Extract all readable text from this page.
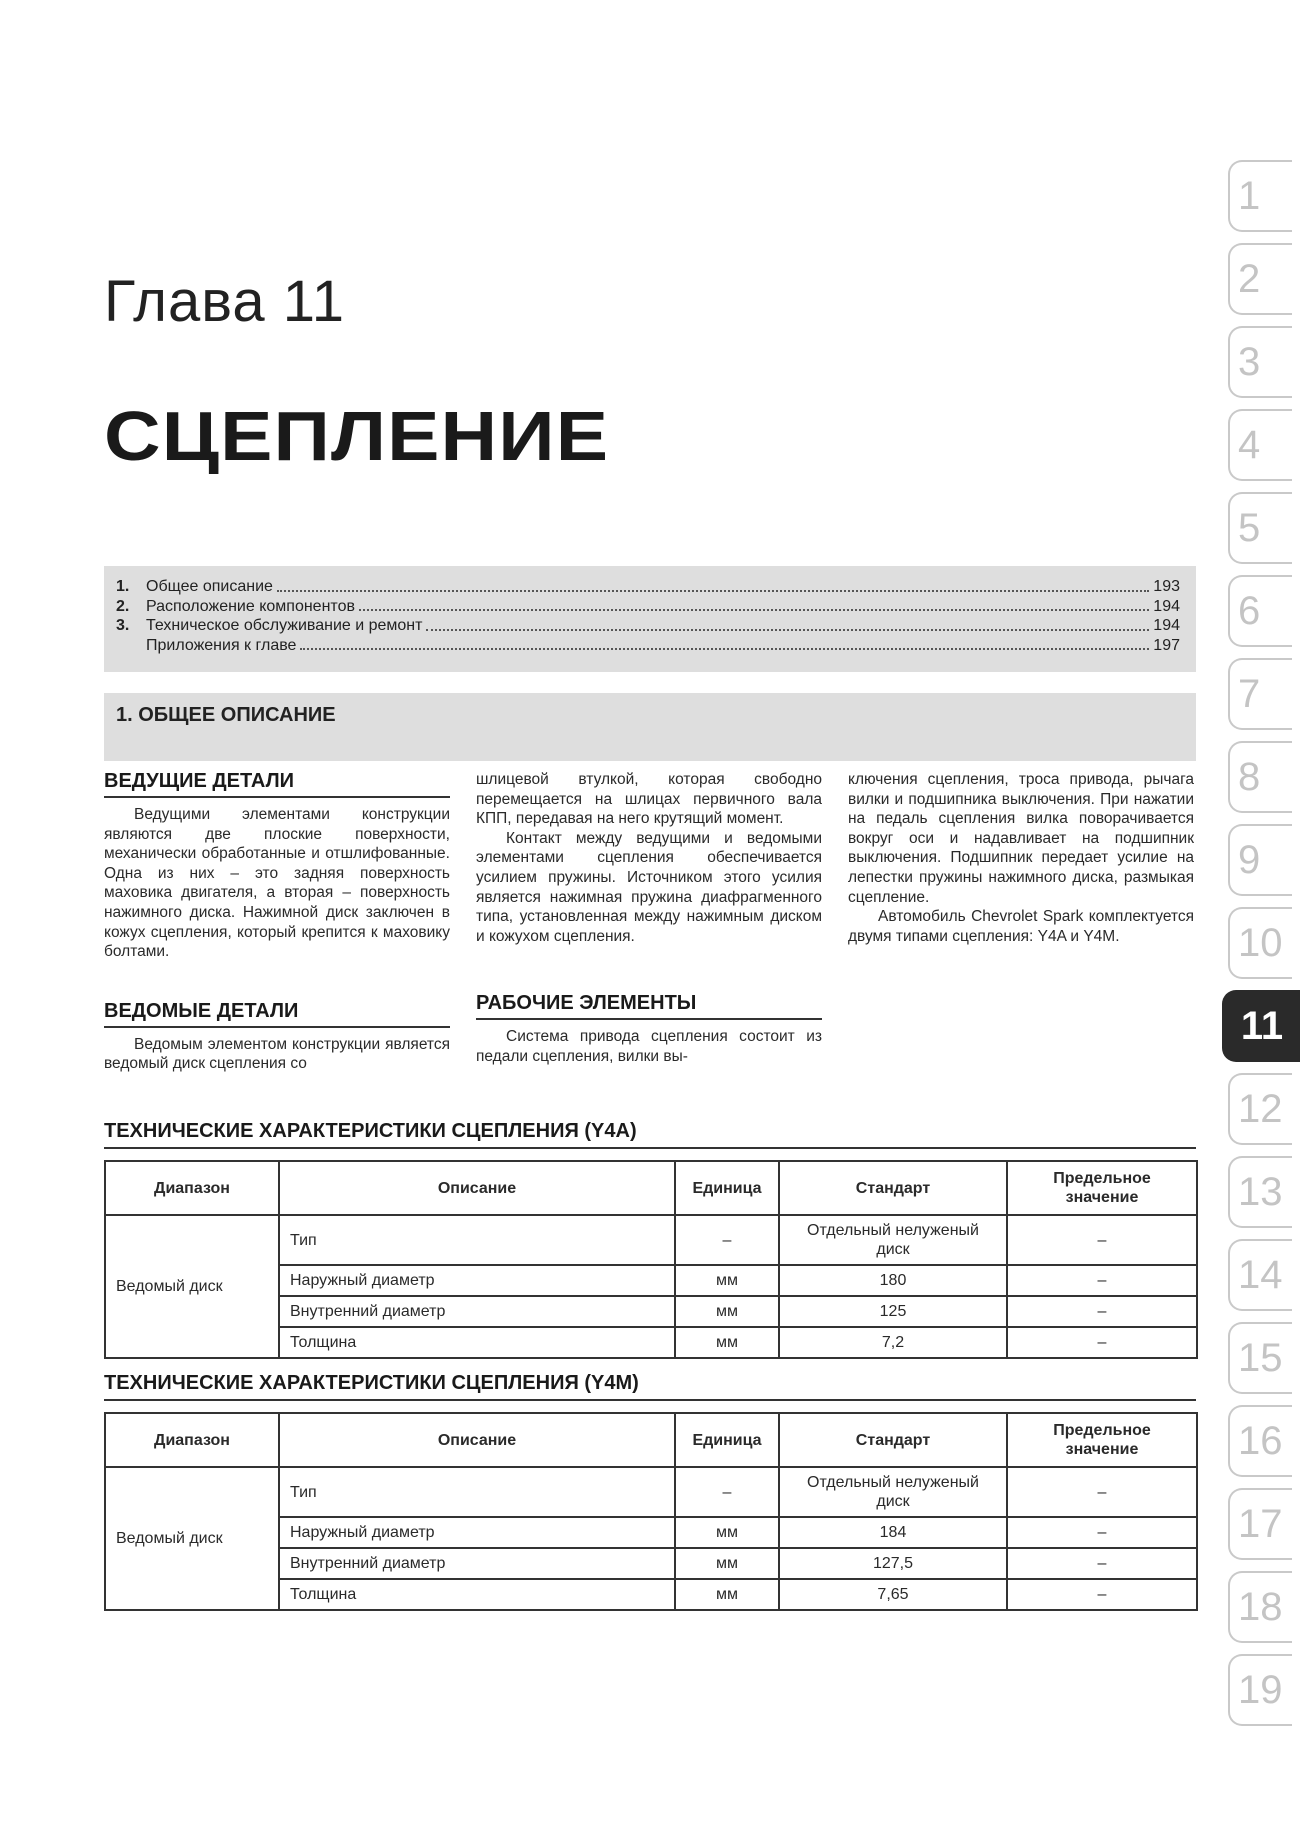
Глава 11
СЦЕПЛЕНИЕ
1.	Общее описание	193
2.	Расположение компонентов	194
3.	Техническое обслуживание и ремонт	194
Приложения к главе	197
1. ОБЩЕЕ ОПИСАНИЕ
ВЕДУЩИЕ ДЕТАЛИ

Ведущими элементами конструкции являются две плоские поверхности, механически обработанные и отшлифованные. Одна из них – это задняя поверхность маховика двигателя, а вторая – поверхность нажимного диска. Нажимной диск заключен в кожух сцепления, который крепится к маховику болтами.

ВЕДОМЫЕ ДЕТАЛИ

Ведомым элементом конструкции является ведомый диск сцепления со

шлицевой втулкой, которая свободно перемещается на шлицах первичного вала КПП, передавая на него крутящий момент.

Контакт между ведущими и ведомыми элементами сцепления обеспечивается усилием пружины. Источником этого усилия является нажимная пружина диафрагменного типа, установленная между нажимным диском и кожухом сцепления.

РАБОЧИЕ ЭЛЕМЕНТЫ

Система привода сцепления состоит из педали сцепления, вилки вы-

ключения сцепления, троса привода, рычага вилки и подшипника выключения. При нажатии на педаль сцепления вилка поворачивается вокруг оси и надавливает на подшипник выключения. Подшипник передает усилие на лепестки пружины нажимного диска, размыкая сцепление.

Автомобиль Chevrolet Spark комплектуется двумя типами сцепления: Y4A и Y4M.

ТЕХНИЧЕСКИЕ ХАРАКТЕРИСТИКИ СЦЕПЛЕНИЯ (Y4A)
Диапазон	Описание	Единица	Стандарт	Предельное значение
Ведомый диск	Тип	–	Отдельный нелуженый диск	–
	Наружный диаметр	мм	180	–
	Внутренний диаметр	мм	125	–
	Толщина	мм	7,2	–
ТЕХНИЧЕСКИЕ ХАРАКТЕРИСТИКИ СЦЕПЛЕНИЯ (Y4M)
Диапазон	Описание	Единица	Стандарт	Предельное значение
Ведомый диск	Тип	–	Отдельный нелуженый диск	–
	Наружный диаметр	мм	184	–
	Внутренний диаметр	мм	127,5	–
	Толщина	мм	7,65	–
1
2
3
4
5
6
7
8
9
10
11
12
13
14
15
16
17
18
19
